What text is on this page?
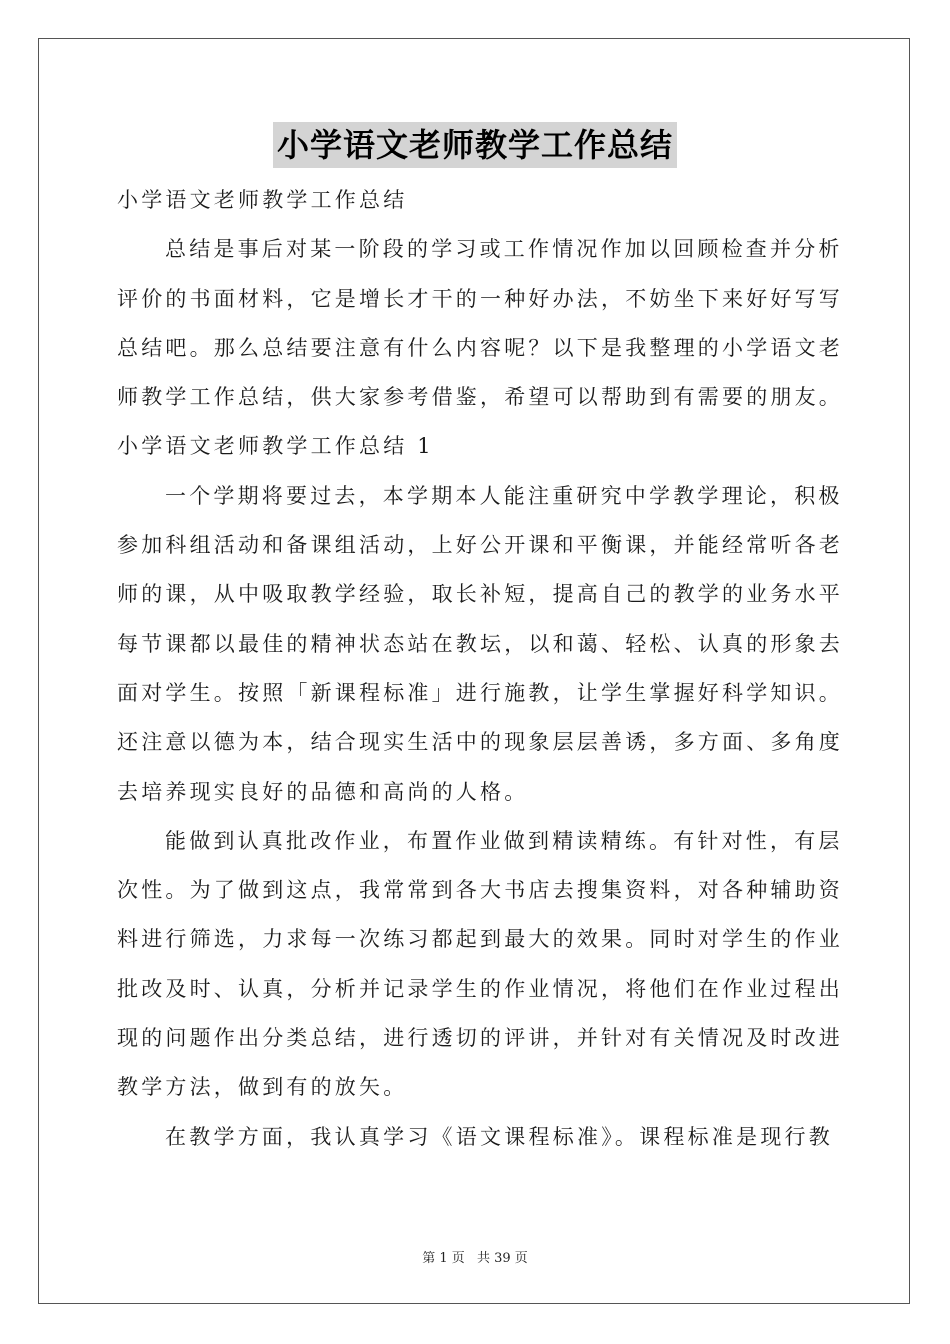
小学语文老师教学工作总结
小学语文老师教学工作总结
总结是事后对某一阶段的学习或工作情况作加以回顾检查并分析
评价的书面材料，它是增长才干的一种好办法，不妨坐下来好好写写
总结吧。那么总结要注意有什么内容呢？以下是我整理的小学语文老
师教学工作总结，供大家参考借鉴，希望可以帮助到有需要的朋友。
小学语文老师教学工作总结 1
一个学期将要过去，本学期本人能注重研究中学教学理论，积极
参加科组活动和备课组活动，上好公开课和平衡课，并能经常听各老
师的课，从中吸取教学经验，取长补短，提高自己的教学的业务水平
每节课都以最佳的精神状态站在教坛，以和蔼、轻松、认真的形象去
面对学生。按照「新课程标准」进行施教，让学生掌握好科学知识。
还注意以德为本，结合现实生活中的现象层层善诱，多方面、多角度
去培养现实良好的品德和高尚的人格。
能做到认真批改作业，布置作业做到精读精练。有针对性，有层
次性。为了做到这点，我常常到各大书店去搜集资料，对各种辅助资
料进行筛选，力求每一次练习都起到最大的效果。同时对学生的作业
批改及时、认真，分析并记录学生的作业情况，将他们在作业过程出
现的问题作出分类总结，进行透切的评讲，并针对有关情况及时改进
教学方法，做到有的放矢。
在教学方面，我认真学习《语文课程标准》。课程标准是现行教
第 1 页 共 39 页
